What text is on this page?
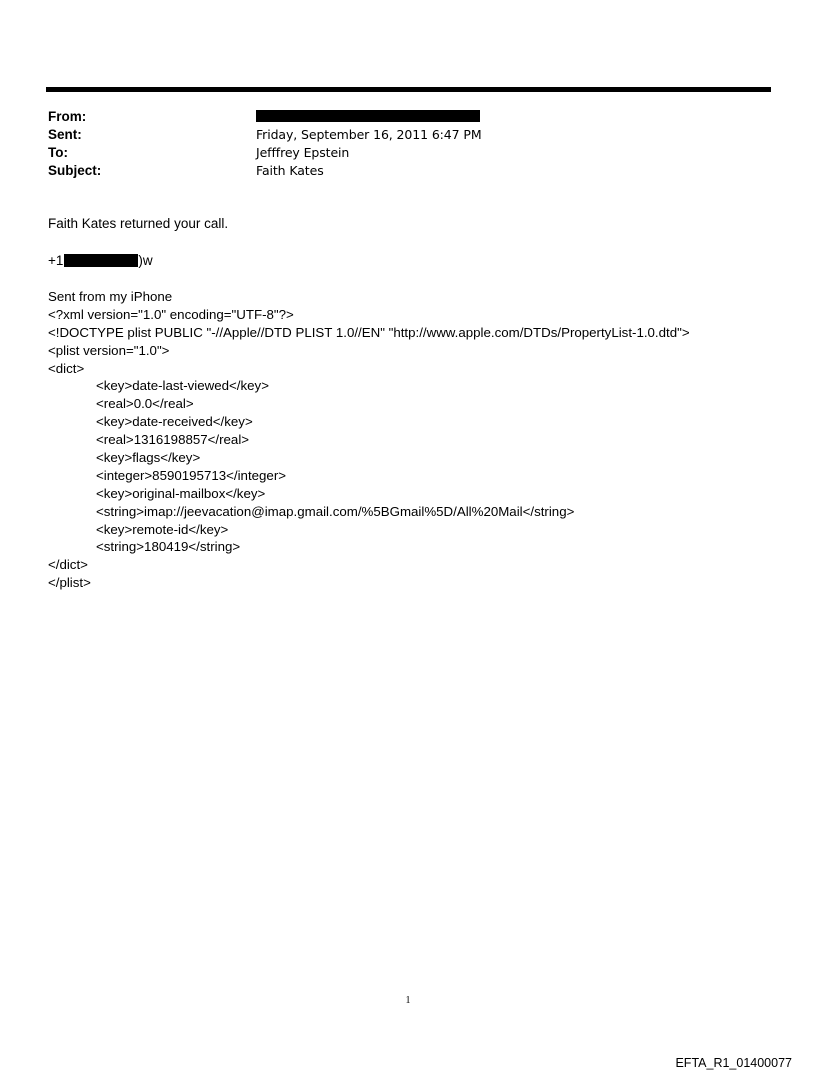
From:
Sent:	Friday, September 16, 2011 6:47 PM
To:	Jefffrey Epstein
Subject:	Faith Kates
Faith Kates returned your call.
+1	)w
Sent from my iPhone
<?xml version="1.0" encoding="UTF-8"?>
<!DOCTYPE plist PUBLIC "-//Apple//DTD PLIST 1.0//EN" "http://www.apple.com/DTDs/PropertyList-1.0.dtd">
<plist version="1.0">
<dict>
<key>date-last-viewed</key>
<real>0.0</real>
<key>date-received</key>
<real>1316198857</real>
<key>flags</key>
<integer>8590195713</integer>
<key>original-mailbox</key>
<string>imap://jeevacation@imap.gmail.com/%5BGmail%5D/All%20Mail</string>
<key>remote-id</key>
<string>180419</string>
</dict>
</plist>
1
EFTA_R1_01400077
